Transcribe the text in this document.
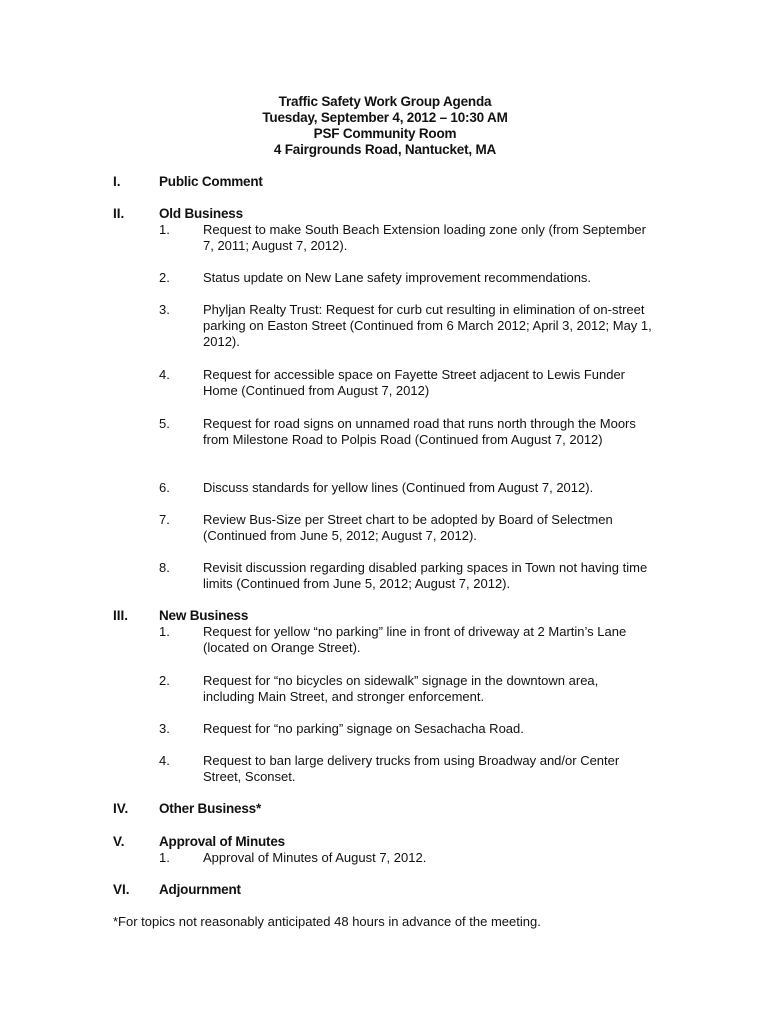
Traffic Safety Work Group Agenda
Tuesday, September 4, 2012 – 10:30 AM
PSF Community Room
4 Fairgrounds Road, Nantucket, MA
I.	Public Comment
II.	Old Business
1.	Request to make South Beach Extension loading zone only (from September 7, 2011; August 7, 2012).
2.	Status update on New Lane safety improvement recommendations.
3.	Phyljan Realty Trust: Request for curb cut resulting in elimination of on-street parking on Easton Street (Continued from 6 March 2012; April 3, 2012; May 1, 2012).
4.	Request for accessible space on Fayette Street adjacent to Lewis Funder Home (Continued from August 7, 2012)
5.	Request for road signs on unnamed road that runs north through the Moors from Milestone Road to Polpis Road (Continued from August 7, 2012)
6.	Discuss standards for yellow lines (Continued from August 7, 2012).
7.	Review Bus-Size per Street chart to be adopted by Board of Selectmen (Continued from June 5, 2012; August 7, 2012).
8.	Revisit discussion regarding disabled parking spaces in Town not having time limits (Continued from June 5, 2012; August 7, 2012).
III. New Business
1.	Request for yellow “no parking” line in front of driveway at 2 Martin’s Lane (located on Orange Street).
2.	Request for “no bicycles on sidewalk” signage in the downtown area, including Main Street, and stronger enforcement.
3.	Request for “no parking” signage on Sesachacha Road.
4.	Request to ban large delivery trucks from using Broadway and/or Center Street, Sconset.
IV. Other Business*
V.	Approval of Minutes
1.	Approval of Minutes of August 7, 2012.
VI. Adjournment
*For topics not reasonably anticipated 48 hours in advance of the meeting.
